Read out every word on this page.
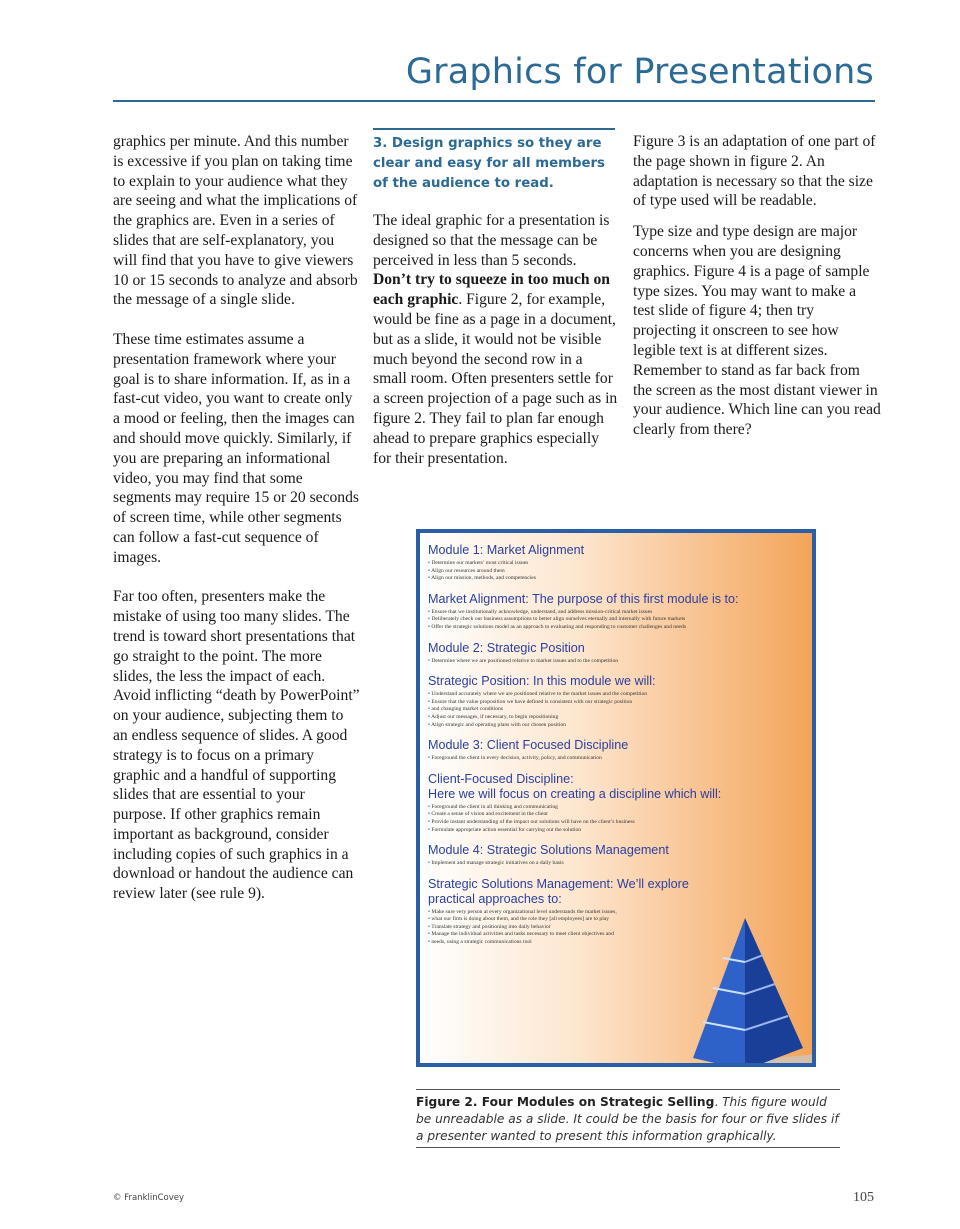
Graphics for Presentations

graphics per minute. And this number is excessive if you plan on taking time to explain to your audience what they are seeing and what the implications of the graphics are. Even in a series of slides that are self-explanatory, you will find that you have to give viewers 10 or 15 seconds to analyze and absorb the message of a single slide.

These time estimates assume a presentation framework where your goal is to share information. If, as in a fast-cut video, you want to create only a mood or feeling, then the images can and should move quickly. Similarly, if you are preparing an informational video, you may find that some segments may require 15 or 20 seconds of screen time, while other segments can follow a fast-cut sequence of images.

Far too often, presenters make the mistake of using too many slides. The trend is toward short presentations that go straight to the point. The more slides, the less the impact of each. Avoid inflicting “death by PowerPoint” on your audience, subjecting them to an endless sequence of slides. A good strategy is to focus on a primary graphic and a handful of supporting slides that are essential to your purpose. If other graphics remain important as background, consider including copies of such graphics in a download or handout the audience can review later (see rule 9).

3. Design graphics so they are clear and easy for all members of the audience to read.
The ideal graphic for a presentation is designed so that the message can be perceived in less than 5 seconds. Don’t try to squeeze in too much on each graphic. Figure 2, for example, would be fine as a page in a document, but as a slide, it would not be visible much beyond the second row in a small room. Often presenters settle for a screen projection of a page such as in figure 2. They fail to plan far enough ahead to prepare graphics especially for their presentation.

Figure 3 is an adaptation of one part of the page shown in figure 2. An adaptation is necessary so that the size of type used will be readable.

Type size and type design are major concerns when you are designing graphics. Figure 4 is a page of sample type sizes. You may want to make a test slide of figure 4; then try projecting it onscreen to see how legible text is at different sizes. Remember to stand as far back from the screen as the most distant viewer in your audience. Which line can you read clearly from there?

Module 1: Market Alignment
• Determine our markets’ most critical issues
• Align our resources around them
• Align our mission, methods, and competencies
Market Alignment: The purpose of this first module is to:
• Ensure that we institutionally acknowledge, understand, and address mission-critical market issues
• Deliberately check our business assumptions to better align ourselves eternally and internally with future markets
• Offer the strategic solutions model as an approach to evaluating and responding to customer challenges and needs
Module 2: Strategic Position
• Determine where we are positioned relative to market issues and to the competition
Strategic Position: In this module we will:
• Understand accurately where we are positioned relative to the market issues and the competition
• Ensure that the value proposition we have defined is consistent with our strategic position
• and changing market conditions
• Adjust our messages, if necessary, to begin repositioning
• Align strategic and operating plans with our chosen position
Module 3: Client Focused Discipline
• Foreground the client in every decision, activity, policy, and communication
Client-Focused Discipline:
Here we will focus on creating a discipline which will:
• Foreground the client in all thinking and communicating
• Create a sense of vision and excitement in the client
• Provide instant understanding of the impact our solutions will have on the client’s business
• Formulate appropriate action essential for carrying out the solution
Module 4: Strategic Solutions Management
• Implement and manage strategic initiatives on a daily basis
Strategic Solutions Management: We’ll explore practical approaches to:
• Make sure very person at every organizational level understands the market issues,
• what our firm is doing about them, and the role they [all employees] are to play
• Translate strategy and positioning into daily behavior
• Manage the individual activities and tasks necessary to meet client objectives and
• needs, using a strategic communications tool
Figure 2. Four Modules on Strategic Selling. This figure would be unreadable as a slide. It could be the basis for four or five slides if a presenter wanted to present this information graphically.
© FranklinCovey	105
